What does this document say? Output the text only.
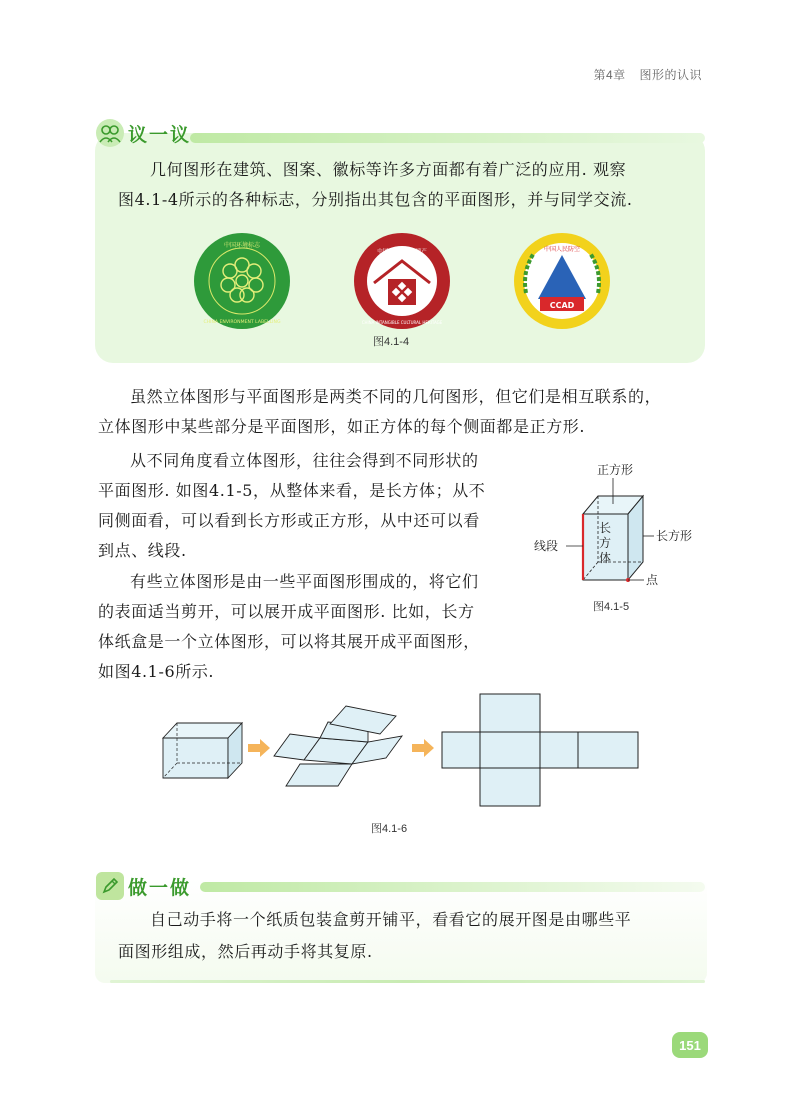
第4章 图形的认识
议一议
几何图形在建筑、图案、徽标等许多方面都有着广泛的应用. 观察
图4.1-4所示的各种标志，分别指出其包含的平面图形，并与同学交流.
中国环境标志
CHINA ENVIRONMENT LABELLING
中国非物质文化遗产
CHINA INTANGIBLE CULTURAL HERITAGE
CCAD
中国人民防空
图4.1-4
虽然立体图形与平面图形是两类不同的几何图形，但它们是相互联系的，
立体图形中某些部分是平面图形，如正方体的每个侧面都是正方形.
从不同角度看立体图形，往往会得到不同形状的
平面图形. 如图4.1-5，从整体来看，是长方体；从不
同侧面看，可以看到长方形或正方形，从中还可以看
到点、线段.
有些立体图形是由一些平面图形围成的，将它们
的表面适当剪开，可以展开成平面图形. 比如，长方
体纸盒是一个立体图形，可以将其展开成平面图形，
如图4.1-6所示.
正方形
长方形
线段
点
长
方
体
图4.1-5
图4.1-6
做一做
自己动手将一个纸质包装盒剪开铺平，看看它的展开图是由哪些平
面图形组成，然后再动手将其复原.
151
